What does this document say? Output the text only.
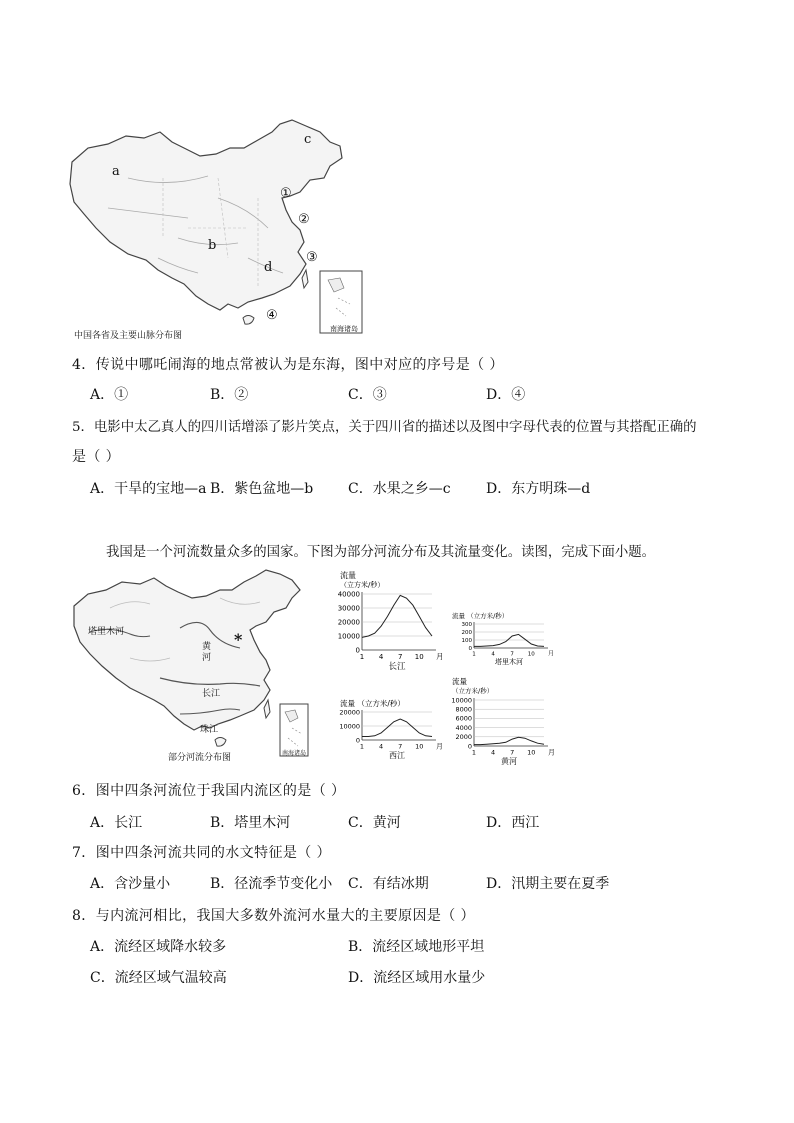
a
b
c
d
①
②
③
④
南海诸岛
中国各省及主要山脉分布图
4．传说中哪吒闹海的地点常被认为是东海，图中对应的序号是（ ）
A．①	B．②	C．③	D．④
5．电影中太乙真人的四川话增添了影片笑点，关于四川省的描述以及图中字母代表的位置与其搭配正确的
是（ ）
A．干旱的宝地—a B．紫色盆地—b C．水果之乡—c	D．东方明珠—d
我国是一个河流数量众多的国家。下图为部分河流分布及其流量变化。读图，完成下面小题。
塔里木河
黄河
长江
珠江
*
南海诸岛
部分河流分布图
流量
（立方米/秒）
0
10000
20000
30000
40000
1 4 7 10 月
长江
流量 （立方米/秒）
0
100
200
300
1	4	7	10 月
塔里木河
流量 （立方米/秒）
0
10000
20000
1 4 7 10 月
西江
流量
（立方米/秒）
0
2000
4000
6000
8000
10000
1 4 7 10 月
黄河
6．图中四条河流位于我国内流区的是（ ）
A．长江	B．塔里木河	C．黄河	D．西江
7．图中四条河流共同的水文特征是（ ）
A．含沙量小	B．径流季节变化小 C．有结冰期	D．汛期主要在夏季
8．与内流河相比，我国大多数外流河水量大的主要原因是（ ）
A．流经区域降水较多	B．流经区域地形平坦
C．流经区域气温较高	D．流经区域用水量少
